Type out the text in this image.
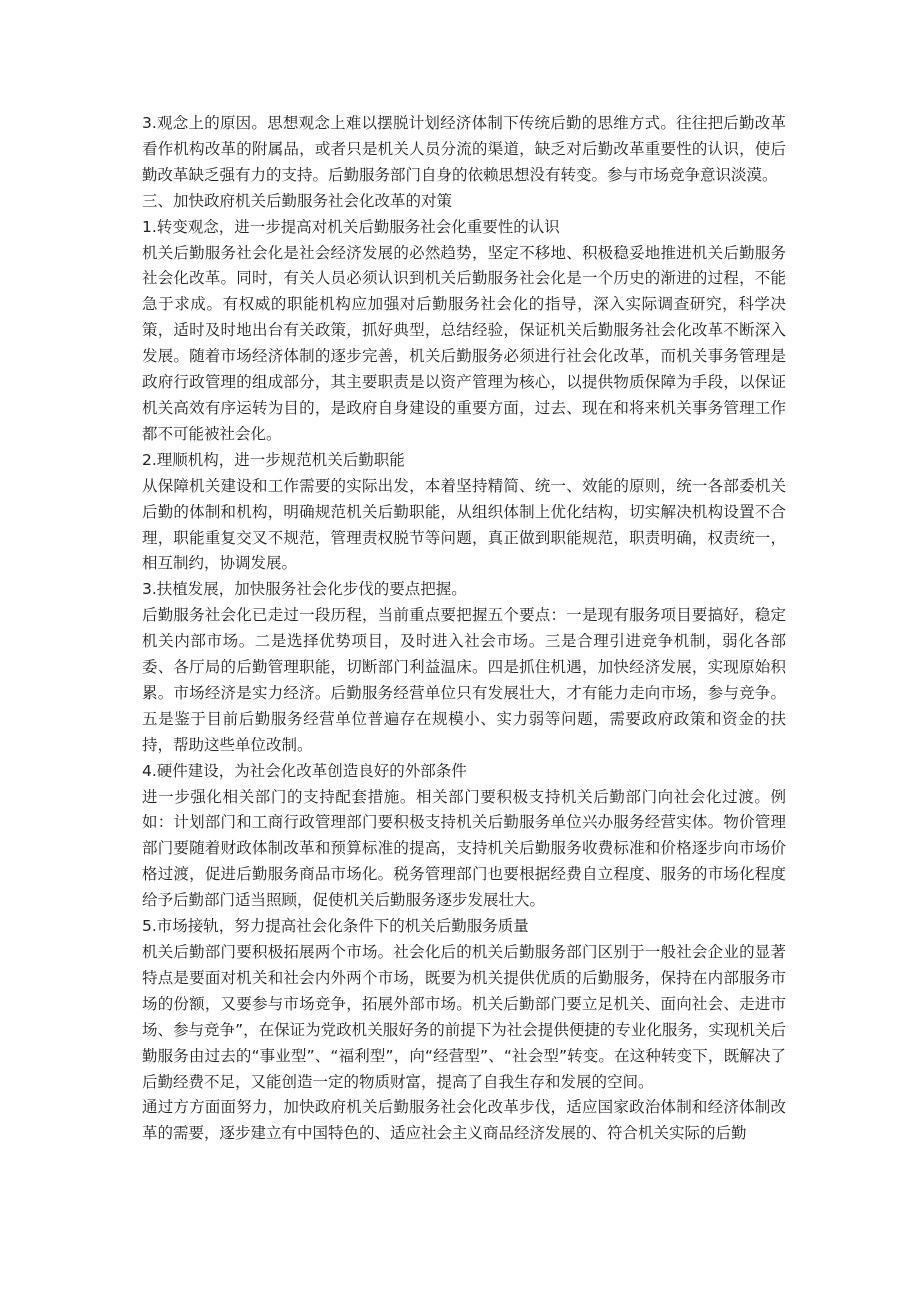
3.观念上的原因。思想观念上难以摆脱计划经济体制下传统后勤的思维方式。往往把后勤改革看作机构改革的附属品，或者只是机关人员分流的渠道，缺乏对后勤改革重要性的认识，使后勤改革缺乏强有力的支持。后勤服务部门自身的依赖思想没有转变。参与市场竞争意识淡漠。

三、加快政府机关后勤服务社会化改革的对策

1.转变观念，进一步提高对机关后勤服务社会化重要性的认识

机关后勤服务社会化是社会经济发展的必然趋势，坚定不移地、积极稳妥地推进机关后勤服务社会化改革。同时，有关人员必须认识到机关后勤服务社会化是一个历史的渐进的过程，不能急于求成。有权威的职能机构应加强对后勤服务社会化的指导，深入实际调查研究，科学决策，适时及时地出台有关政策，抓好典型，总结经验，保证机关后勤服务社会化改革不断深入发展。随着市场经济体制的逐步完善，机关后勤服务必须进行社会化改革，而机关事务管理是政府行政管理的组成部分，其主要职责是以资产管理为核心，以提供物质保障为手段，以保证机关高效有序运转为目的，是政府自身建设的重要方面，过去、现在和将来机关事务管理工作都不可能被社会化。

2.理顺机构，进一步规范机关后勤职能

从保障机关建设和工作需要的实际出发，本着坚持精简、统一、效能的原则，统一各部委机关后勤的体制和机构，明确规范机关后勤职能，从组织体制上优化结构，切实解决机构设置不合理，职能重复交叉不规范，管理责权脱节等问题，真正做到职能规范，职责明确，权责统一，相互制约，协调发展。

3.扶植发展，加快服务社会化步伐的要点把握。

后勤服务社会化已走过一段历程，当前重点要把握五个要点：一是现有服务项目要搞好，稳定机关内部市场。二是选择优势项目，及时进入社会市场。三是合理引进竞争机制，弱化各部委、各厅局的后勤管理职能，切断部门利益温床。四是抓住机遇，加快经济发展，实现原始积累。市场经济是实力经济。后勤服务经营单位只有发展壮大，才有能力走向市场，参与竞争。五是鉴于目前后勤服务经营单位普遍存在规模小、实力弱等问题，需要政府政策和资金的扶持，帮助这些单位改制。

4.硬件建设，为社会化改革创造良好的外部条件

进一步强化相关部门的支持配套措施。相关部门要积极支持机关后勤部门向社会化过渡。例如：计划部门和工商行政管理部门要积极支持机关后勤服务单位兴办服务经营实体。物价管理部门要随着财政体制改革和预算标准的提高，支持机关后勤服务收费标准和价格逐步向市场价格过渡，促进后勤服务商品市场化。税务管理部门也要根据经费自立程度、服务的市场化程度给予后勤部门适当照顾，促使机关后勤服务逐步发展壮大。

5.市场接轨，努力提高社会化条件下的机关后勤服务质量

机关后勤部门要积极拓展两个市场。社会化后的机关后勤服务部门区别于一般社会企业的显著特点是要面对机关和社会内外两个市场，既要为机关提供优质的后勤服务，保持在内部服务市场的份额，又要参与市场竞争，拓展外部市场。机关后勤部门要立足机关、面向社会、走进市场、参与竞争”，在保证为党政机关服好务的前提下为社会提供便捷的专业化服务，实现机关后勤服务由过去的“事业型”、“福利型”，向“经营型”、“社会型”转变。在这种转变下，既解决了后勤经费不足，又能创造一定的物质财富，提高了自我生存和发展的空间。

通过方方面面努力，加快政府机关后勤服务社会化改革步伐，适应国家政治体制和经济体制改革的需要，逐步建立有中国特色的、适应社会主义商品经济发展的、符合机关实际的后勤
